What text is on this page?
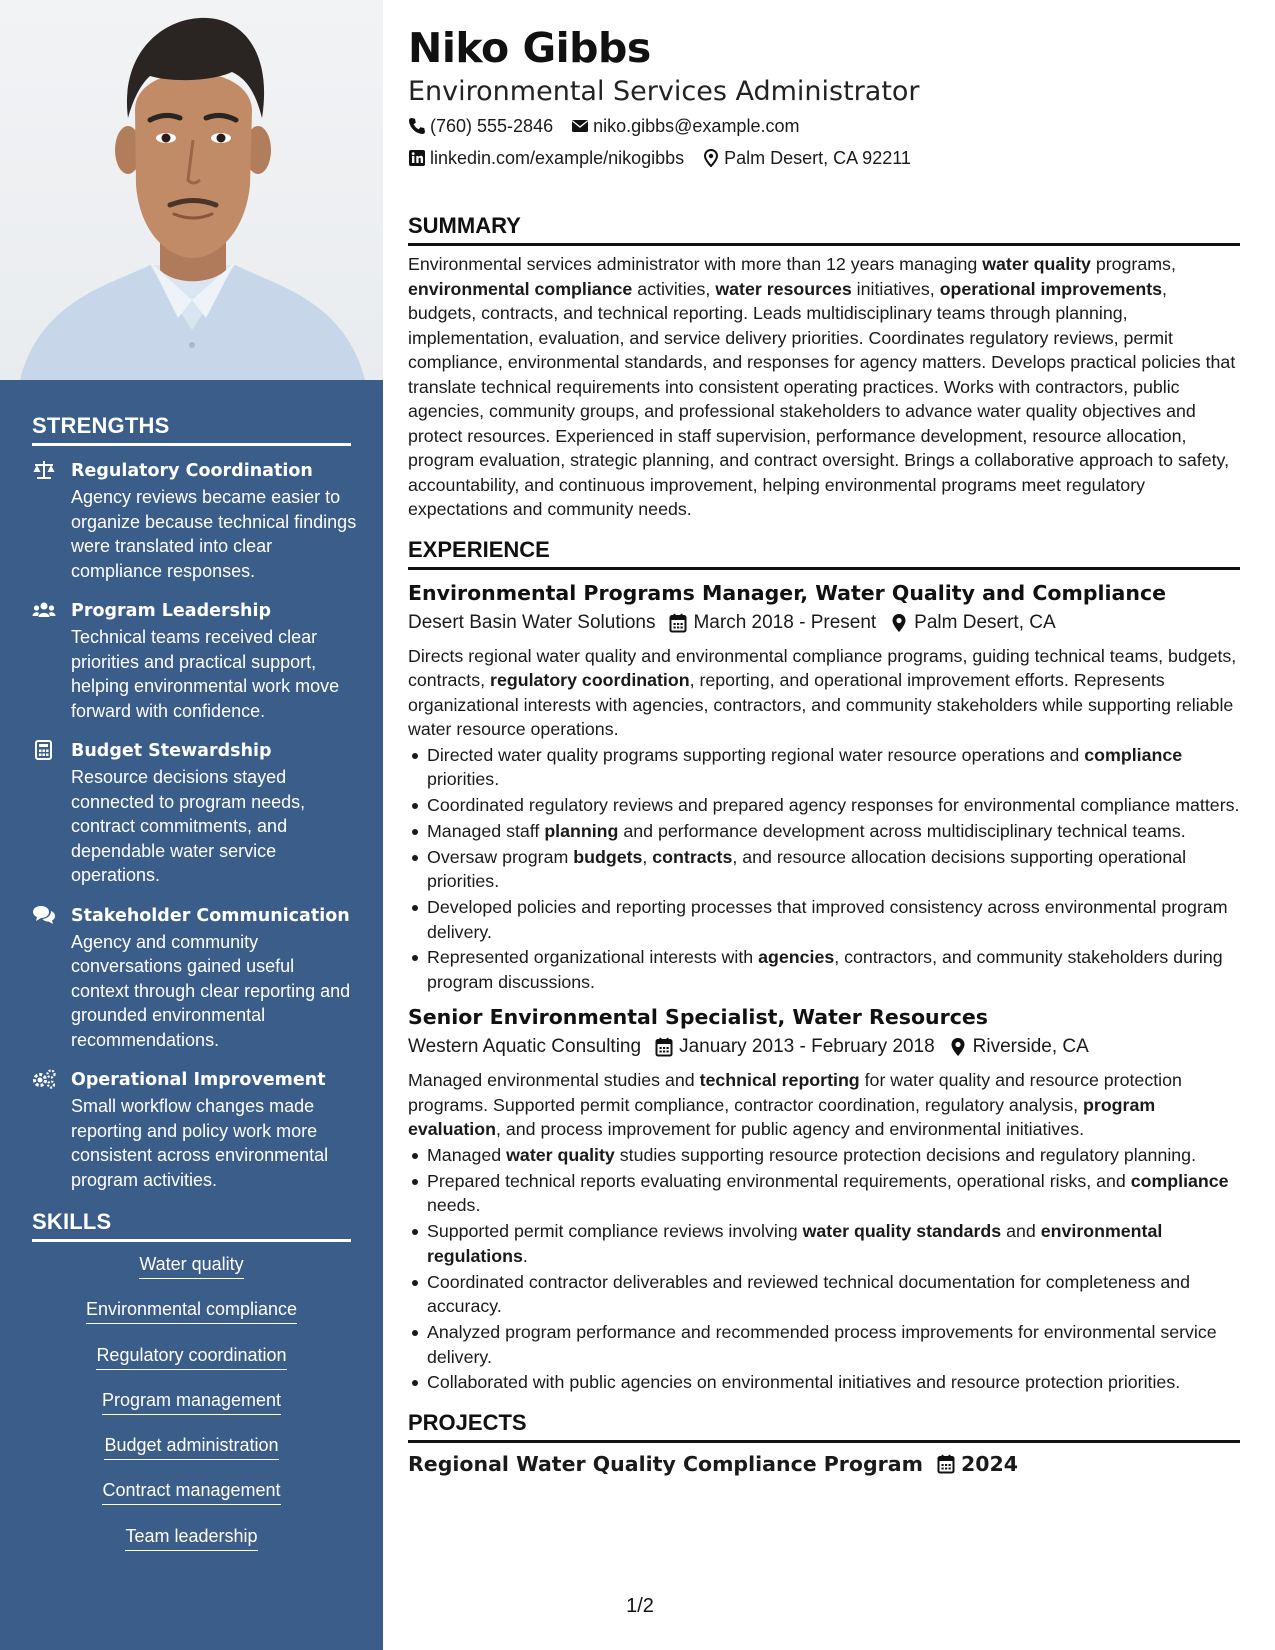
STRENGTHS
Regulatory Coordination
Agency reviews became easier to organize because technical findings were translated into clear compliance responses.
Program Leadership
Technical teams received clear priorities and practical support, helping environmental work move forward with confidence.
Budget Stewardship
Resource decisions stayed connected to program needs, contract commitments, and dependable water service operations.
Stakeholder Communication
Agency and community conversations gained useful context through clear reporting and grounded environmental recommendations.
Operational Improvement
Small workflow changes made reporting and policy work more consistent across environmental program activities.
SKILLS
Water quality
Environmental compliance
Regulatory coordination
Program management
Budget administration
Contract management
Team leadership
Niko Gibbs
Environmental Services Administrator
(760) 555-2846 niko.gibbs@example.com
linkedin.com/example/nikogibbs Palm Desert, CA 92211
SUMMARY

Environmental services administrator with more than 12 years managing water quality programs, environmental compliance activities, water resources initiatives, operational improvements, budgets, contracts, and technical reporting. Leads multidisciplinary teams through planning, implementation, evaluation, and service delivery priorities. Coordinates regulatory reviews, permit compliance, environmental standards, and responses for agency matters. Develops practical policies that translate technical requirements into consistent operating practices. Works with contractors, public agencies, community groups, and professional stakeholders to advance water quality objectives and protect resources. Experienced in staff supervision, performance development, resource allocation, program evaluation, strategic planning, and contract oversight. Brings a collaborative approach to safety, accountability, and continuous improvement, helping environmental programs meet regulatory expectations and community needs.

EXPERIENCE
Environmental Programs Manager, Water Quality and Compliance
Desert Basin Water Solutions March 2018 - Present Palm Desert, CA

Directs regional water quality and environmental compliance programs, guiding technical teams, budgets, contracts, regulatory coordination, reporting, and operational improvement efforts. Represents organizational interests with agencies, contractors, and community stakeholders while supporting reliable water resource operations.

Directed water quality programs supporting regional water resource operations and compliance priorities.
Coordinated regulatory reviews and prepared agency responses for environmental compliance matters.
Managed staff planning and performance development across multidisciplinary technical teams.
Oversaw program budgets, contracts, and resource allocation decisions supporting operational priorities.
Developed policies and reporting processes that improved consistency across environmental program delivery.
Represented organizational interests with agencies, contractors, and community stakeholders during program discussions.
Senior Environmental Specialist, Water Resources
Western Aquatic Consulting January 2013 - February 2018 Riverside, CA

Managed environmental studies and technical reporting for water quality and resource protection programs. Supported permit compliance, contractor coordination, regulatory analysis, program evaluation, and process improvement for public agency and environmental initiatives.

Managed water quality studies supporting resource protection decisions and regulatory planning.
Prepared technical reports evaluating environmental requirements, operational risks, and compliance needs.
Supported permit compliance reviews involving water quality standards and environmental regulations.
Coordinated contractor deliverables and reviewed technical documentation for completeness and accuracy.
Analyzed program performance and recommended process improvements for environmental service delivery.
Collaborated with public agencies on environmental initiatives and resource protection priorities.
PROJECTS
Regional Water Quality Compliance Program 2024
1/2
